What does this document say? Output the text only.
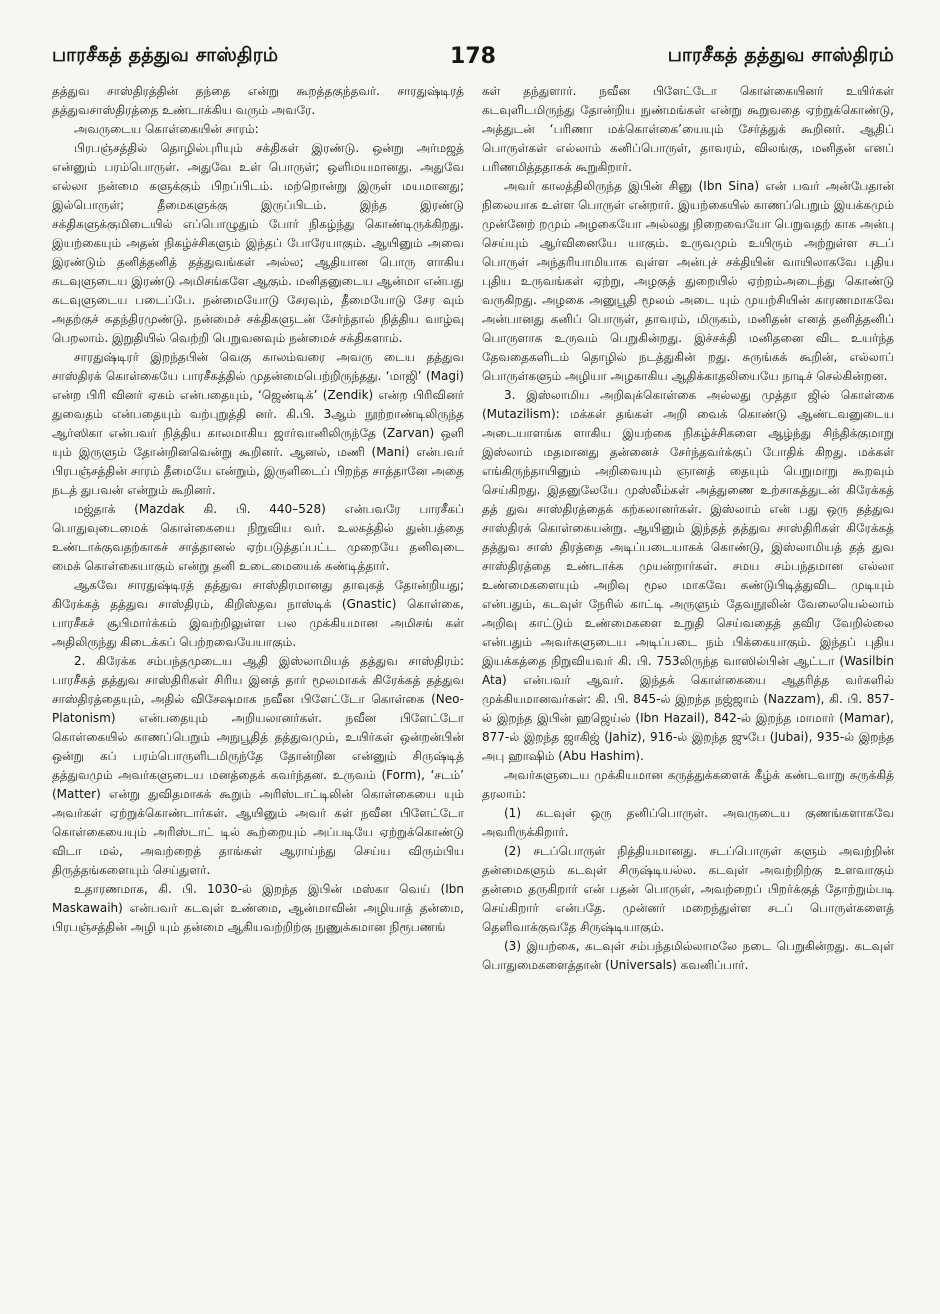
பாரசீகத் தத்துவ சாஸ்திரம்	178	பாரசீகத் தத்துவ சாஸ்திரம்

தத்துவ சாஸ்திரத்தின் தந்தை என்று கூறத்தகுந்தவர். சாரதுஷ்டிரத் தத்துவசாஸ்திரத்தை உண்டாக்கிய வரும் அவரே.

அவருடைய கொள்கையின் சாரம்:

பிரபஞ்சத்தில் தொழில்புரியும் சக்திகள் இரண்டு. ஒன்று அர்மஜத் என்னும் பரம்பொருள். அதுவே உள் பொருள்; ஒளிமயமானது. அதுவே எல்லா நன்மை களுக்கும் பிறப்பிடம். மற்றொன்று இருள் மயமானது; இல்பொருள்; தீமைகளுக்கு இருப்பிடம். இந்த இரண்டு சக்திகளுக்குமிடையில் எப்பொழுதும் போர் நிகழ்ந்து கொண்டிருக்கிறது. இயற்கையும் அதன் நிகழ்ச்சிகளும் இந்தப் போரேயாகும். ஆயினும் அவை இரண்டும் தனித்தனித் தத்துவங்கள் அல்ல; ஆதியான பொரு ளாகிய கடவுளுடைய இரண்டு அமிசங்களே ஆகும். மனிதனுடைய ஆன்மா என்பது கடவுளுடைய படைப்பே. நன்மையோடு சேரவும், தீமையோடு சேர வும் அதற்குச் சுதந்திரமுண்டு. நன்மைச் சக்திகளுடன் சேர்ந்தால் நித்திய வாழ்வு பெறலாம். இறுதியில் வெற்றி பெறுவனவும் நன்மைச் சக்திகளாம்.

சாரதுஷ்டிரர் இறந்தபின் வெகு காலம்வரை அவரு டைய தத்துவ சாஸ்திரக் கொள்கையே பாரசீகத்தில் முதன்மைபெற்றிருந்தது. ‘மாஜி’ (Magi) என்ற பிரி வினர் ஏகம் என்பதையும், ‘ஜெண்டிக்’ (Zendik) என்ற பிரிவினர் துவைதம் என்பதையும் வற்புறுத்தி னர். கி.பி. 3ஆம் நூற்றாண்டிலிருந்த ஆர்ஸிகா என்பவர் நித்திய காலமாகிய ஜார்வானிலிருந்தே (Zarvan) ஒளி யும் இருளும் தோன்றினவென்று கூறினர். ஆனல், மணி (Mani) என்பவர் பிரபஞ்சத்தின் சாரம் தீமையே என்றும், இருளிடைப் பிறந்த சாத்தானே அதை நடத் துபவன் என்றும் கூறினர்.

மஜ்தாக் (Mazdak கி. பி. 440–528) என்பவரே பாரசீகப் பொதுவுடைமைக் கொள்கையை நிறுவிய வர். உலகத்தில் துன்பத்தை உண்டாக்குவதற்காகச் சாத்தானல் ஏற்படுத்தப்பட்ட முறையே தனிவுடை மைக் கொள்கையாகும் என்று தனி உடைமையைக் கண்டித்தார்.

ஆகவே சாரதுஷ்டிரத் தத்துவ சாஸ்திரமானது தாவுகத் தோன்றியது; கிரேக்கத் தத்துவ சாஸ்திரம், கிறிஸ்தவ நாஸ்டிக் (Gnastic) கொள்கை, பாரசீகச் சூபிமார்க்கம் இவற்றிலுள்ள பல முக்கியமான அமிசங் கள் அதிலிருந்து கிடைக்கப் பெற்றவையேயாகும்.

2. கிரேக்க சம்பந்தமுடைய ஆதி இஸ்லாமியத் தத்துவ சாஸ்திரம்: பாரசீகத் தத்துவ சாஸ்திரிகள் சிரிய இனத் தார் மூலமாகக் கிரேக்கத் தத்துவ சாஸ்திரத்தையும், அதில் விசேஷமாக நவீன பிளேட்டோ கொள்கை (Neo-Platonism) என்பதையும் அறியலானர்கள். நவீன பிளேட்டோ கொள்கையில் காணப்பெறும் அநுபூதித் தத்துவமும், உயிர்கள் ஒன்றன்பின் ஒன்று கப் பரம்பொருளிடமிருந்தே தோன்றின என்னும் சிருஷ்டித் தத்துவமும் அவர்களுடைய மனத்தைக் கவர்ந்தன. உருவம் (Form), ‘சடம்’ (Matter) என்று துவிதமாகக் கூறும் அரிஸ்டாட்டிலின் கொள்கையை யும் அவர்கள் ஏற்றுக்கொண்டார்கள். ஆயினும் அவர் கள் நவீன பிளேட்டோ கொள்கையையும் அரிஸ்டாட் டில் கூற்றையும் அப்படியே ஏற்றுக்கொண்டு விடா மல், அவற்றைத் தாங்கள் ஆராய்ந்து செய்ய விரும்பிய திருத்தங்களையும் செய்துளர்.

உதாரணமாக, கி. பி. 1030-ல் இறந்த இபின் மஸ்கா வெய் (Ibn Maskawaih) என்பவர் கடவுள் உண்மை, ஆன்மாவின் அழியாத் தன்மை, பிரபஞ்சத்தின் அழி யும் தன்மை ஆகியவற்றிற்கு நுணுக்கமான நிரூபணங்

கள் தந்துளார். நவீன பிளேட்டோ கொள்கையினர் உயிர்கள் கடவுளிடமிருந்து தோன்றிய நுண்மங்கள் என்று கூறுவதை ஏற்றுக்கொண்டு, அத்துடன் ‘பரிணா மக்கொள்கை’யையும் சேர்த்துக் கூறினர். ஆதிப் பொருள்கள் எல்லாம் கனிப்பொருள், தாவரம், விலங்கு, மனிதன் எனப் பரிணமித்ததாகக் கூறுகிறார்.

அவர் காலத்திலிருந்த இபின் சினு (Ibn Sina) என் பவர் அன்பேதான் நிலையாக உள்ள பொருள் என்றார். இயற்கையில் காணப்பெறும் இயக்கமும் முன்னேற் றமும் அழகையோ அல்லது நிறைவையோ பெறுவதற் காக அன்பு செய்யும் ஆர்வினையே யாகும். உருவமும் உயிரும் அற்றுள்ள சடப் பொருள் அந்தரியாமியாக வுள்ள அன்புச் சக்தியின் வாயிலாகவே புதிய புதிய உருவங்கள் ஏற்று, அழகுத் துறையில் ஏற்றம்அடைந்து கொண்டு வருகிறது. அழகை அனுபூதி மூலம் அடை யும் முயற்சியின் காரணமாகவே அன்பானது கனிப் பொருள், தாவரம், மிருகம், மனிதன் எனத் தனித்தனிப் பொருளாக உருவம் பெறுகின்றது. இச்சக்தி மனிதனை விட உயர்ந்த தேவதைகளிடம் தொழில் நடத்துகின் றது. சுருங்கக் கூறின், எல்லாப் பொருள்களும் அழியா அழகாகிய ஆதிக்காதலியையே நாடிச் செல்கின்றன.

3. இஸ்லாமிய அறிவுக்கொள்கை அல்லது முத்தா ஜில் கொள்கை (Mutazilism): மக்கள் தங்கள் அறி வைக் கொண்டு ஆண்டவனுடைய அடையாளங்க ளாகிய இயற்கை நிகழ்ச்சிகளை ஆழ்ந்து சிந்திக்குமாறு இஸ்லாம் மதமானது தன்னைச் சேர்ந்தவர்க்குப் போதிக் கிறது. மக்கள் எங்கிருந்தாயினும் அறிவையும் ஞானத் தையும் பெறுமாறு கூறவும் செய்கிறது. இதனுலேயே முஸ்லீம்கள் அத்துணை உற்சாகத்துடன் கிரேக்கத் தத் துவ சாஸ்திரத்தைக் கற்கலானர்கள். இஸ்லாம் என் பது ஒரு தத்துவ சாஸ்திரக் கொள்கையன்று. ஆயினும் இந்தத் தத்துவ சாஸ்திரிகள் கிரேக்கத் தத்துவ சாஸ் திரத்தை அடிப்படையாகக் கொண்டு, இஸ்லாமியத் தத் துவ சாஸ்திரத்தை உண்டாக்க முயன்றார்கள். சமய சம்பந்தமான எல்லா உண்மைகளையும் அறிவு மூல மாகவே கண்டுபிடித்துவிட முடியும் என்பதும், கடவுள் நேரில் காட்டி அருளும் தேவநூலின் வேலையெல்லாம் அறிவு காட்டும் உண்மைகளை உறுதி செய்வதைத் தவிர வேறில்லை என்பதும் அவர்களுடைய அடிப்படை நம் பிக்கையாகும். இந்தப் புதிய இயக்கத்தை நிறுவியவர் கி. பி. 753லிருந்த வாஸில்பின் ஆட்டா (Wasilbin Ata) என்பவர் ஆவர். இந்தக் கொள்கையை ஆதரித்த வர்களில் முக்கியமானவர்கள்: கி. பி. 845-ல் இறந்த நஜ்ஜாம் (Nazzam), கி. பி. 857-ல் இறந்த இபின் ஹஜெய்ல் (Ibn Hazail), 842-ல் இறந்த மாமார் (Mamar), 877-ல் இறந்த ஜாகிஜ் (Jahiz), 916-ல் இறந்த ஜுபே (Jubai), 935-ல் இறந்த அபு ஹாஷிம் (Abu Hashim).

அவர்களுடைய முக்கியமான கருத்துக்களைக் கீழ்க் கண்டவாறு சுருக்கித் தரலாம்:

(1) கடவுள் ஒரு தனிப்பொருள். அவருடைய குணங்களாகவே அவரிருக்கிறார்.

(2) சடப்பொருள் நித்தியமானது. சடப்பொருள் களும் அவற்றின் தன்மைகளும் கடவுள் சிருஷ்டியல்ல. கடவுள் அவற்றிற்கு உளவாகும் தன்மை தருகிறார் என் பதன் பொருள், அவற்றைப் பிறர்க்குத் தோற்றும்படி செய்கிறார் என்பதே. முன்னர் மறைந்துள்ள சடப் பொருள்களைத் தெளிவாக்குவதே சிருஷ்டியாகும்.

(3) இயற்கை, கடவுள் சம்பந்தமில்லாமலே நடை பெறுகின்றது. கடவுள் பொதுமைகளைத்தான் (Universals) கவனிப்பார்.
